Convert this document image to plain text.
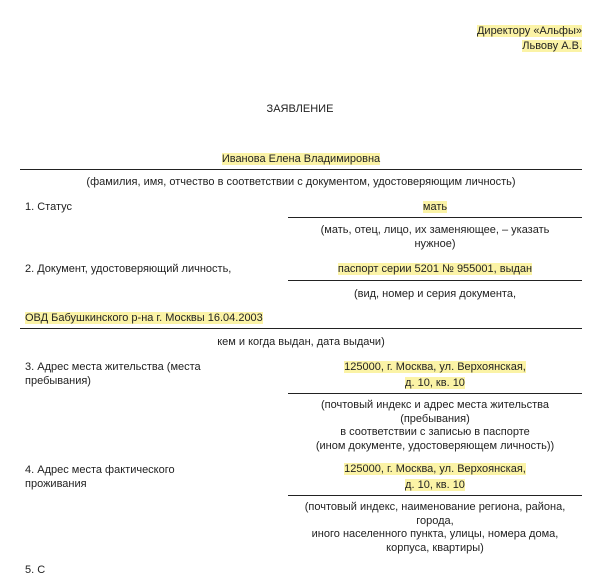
Директору «Альфы»
Львову А.В.
ЗАЯВЛЕНИЕ
Иванова Елена Владимировна
(фамилия, имя, отчество в соответствии с документом, удостоверяющим личность)
1. Статус	мать
(мать, отец, лицо, их заменяющее, – указать
нужное)
2. Документ, удостоверяющий личность,	паспорт серии 5201 № 955001, выдан
(вид, номер и серия документа,
ОВД Бабушкинского р-на г. Москвы 16.04.2003
кем и когда выдан, дата выдачи)
3. Адрес места жительства (места
пребывания)
125000, г. Москва, ул. Верхоянская,
д. 10, кв. 10
(почтовый индекс и адрес места жительства
(пребывания)
в соответствии с записью в паспорте
(ином документе, удостоверяющем личность))
4. Адрес места фактического
проживания
125000, г. Москва, ул. Верхоянская,
д. 10, кв. 10
(почтовый индекс, наименование региона, района,
города,
иного населенного пункта, улицы, номера дома,
корпуса, квартиры)
5. С
